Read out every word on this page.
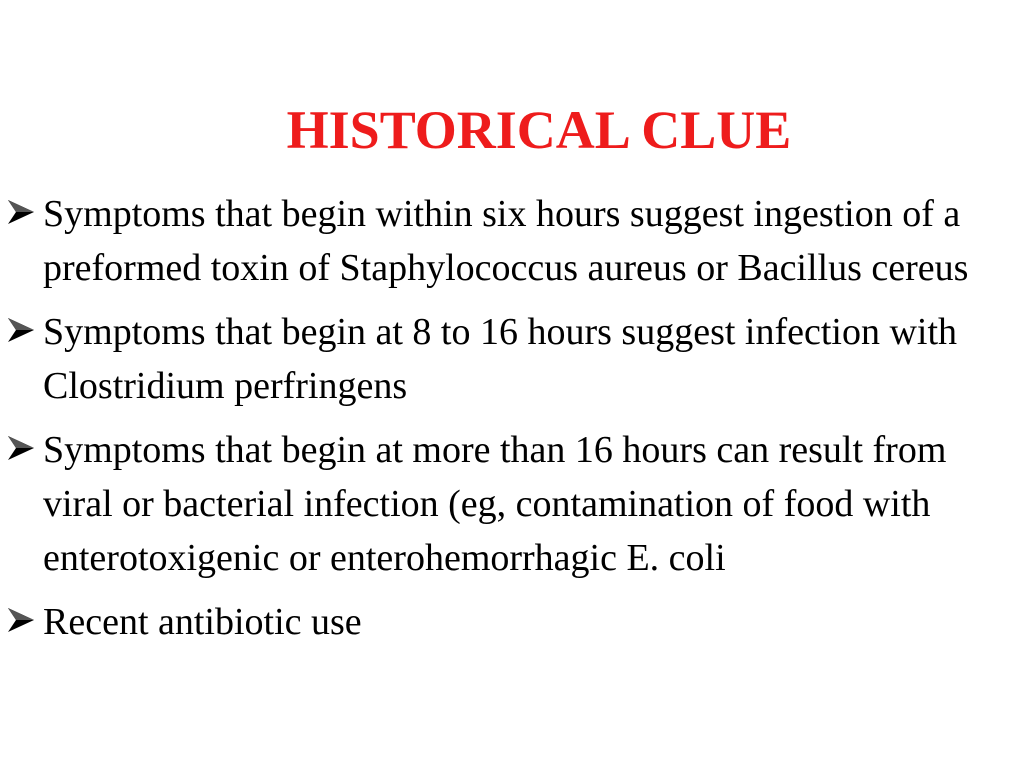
HISTORICAL CLUE
Symptoms that begin within six hours suggest ingestion of a preformed toxin of Staphylococcus aureus or Bacillus cereus
Symptoms that begin at 8 to 16 hours suggest infection with Clostridium perfringens
Symptoms that begin at more than 16 hours can result from viral or bacterial infection (eg, contamination of food with enterotoxigenic or enterohemorrhagic E. coli
Recent antibiotic use
